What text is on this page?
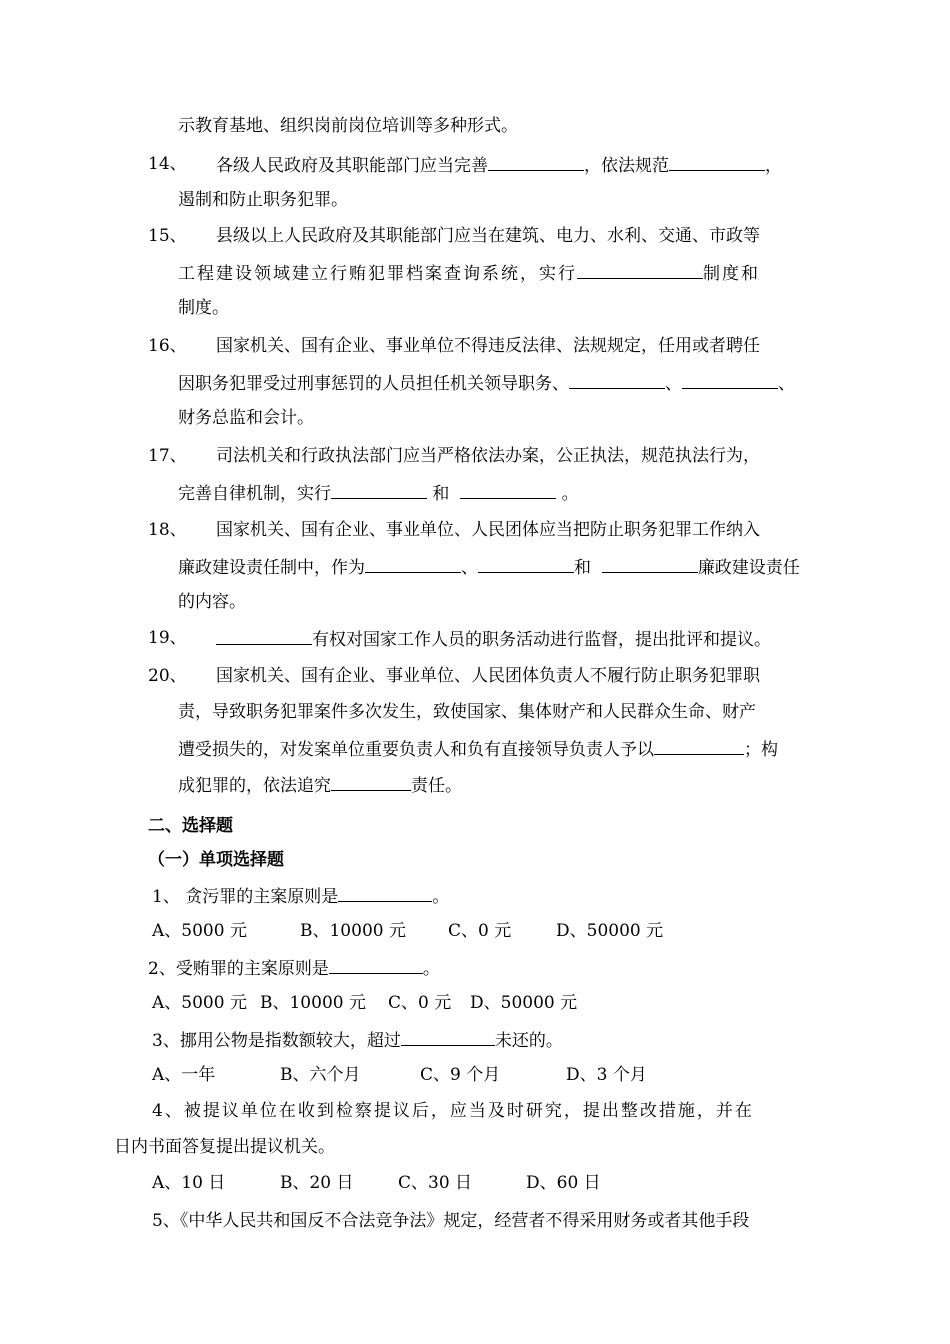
示教育基地、组织岗前岗位培训等多种形式。
14、 各级人民政府及其职能部门应当完善	，依法规范	，
遏制和防止职务犯罪。
15、 县级以上人民政府及其职能部门应当在建筑、电力、水利、交通、市政等
工程建设领域建立行贿犯罪档案查询系统，实行	制度和
制度。
16、 国家机关、国有企业、事业单位不得违反法律、法规规定，任用或者聘任
因职务犯罪受过刑事惩罚的人员担任机关领导职务、	、	、
财务总监和会计。
17、 司法机关和行政执法部门应当严格依法办案，公正执法，规范执法行为，
完善自律机制，实行	和	。
18、 国家机关、国有企业、事业单位、人民团体应当把防止职务犯罪工作纳入
廉政建设责任制中，作为	、	和	廉政建设责任
的内容。
19、	有权对国家工作人员的职务活动进行监督，提出批评和提议。
20、 国家机关、国有企业、事业单位、人民团体负责人不履行防止职务犯罪职
责，导致职务犯罪案件多次发生，致使国家、集体财产和人民群众生命、财产
遭受损失的，对发案单位重要负责人和负有直接领导负责人予以	；构
成犯罪的，依法追究	责任。
二、选择题
（一）单项选择题
1、 贪污罪的主案原则是	。
A、5000 元	B、10000 元 C、0 元	D、50000 元
2、受贿罪的主案原则是	。
A、5000 元 B、10000 元 C、0 元 D、50000 元
3、挪用公物是指数额较大，超过	未还的。
A、一年	B、六个月	C、9 个月	D、3 个月
4、被提议单位在收到检察提议后，应当及时研究，提出整改措施，并在
日内书面答复提出提议机关。
A、10 日	B、20 日	C、30 日	D、60 日
5、《中华人民共和国反不合法竞争法》规定，经营者不得采用财务或者其他手段
